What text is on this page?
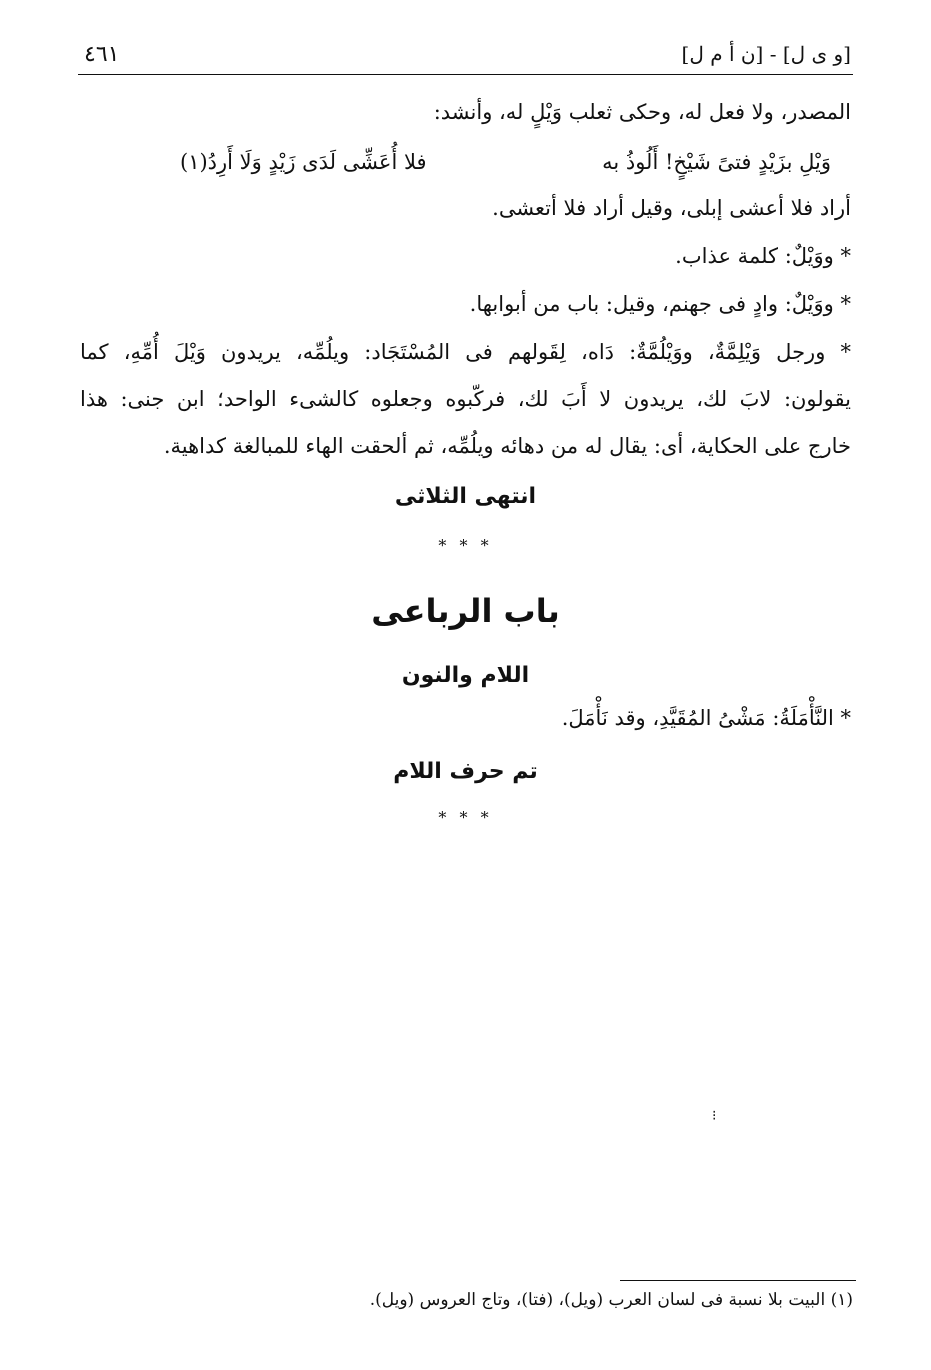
٤٦١	[و ى ل] - [ن أ م ل]
المصدر، ولا فعل له، وحكى ثعلب وَيْلٍ له، وأنشد:
وَيْلِ بزَيْدٍ فتىً شَيْخٍ! أَلُوذُ به
فلا أُعَشِّى لَدَى زَيْدٍ وَلَا أَرِدُ(١)
أراد فلا أعشى إبلى، وقيل أراد فلا أتعشى.
* ووَيْلٌ: كلمة عذاب.
* ووَيْلٌ: وادٍ فى جهنم، وقيل: باب من أبوابها.
* ورجل وَيْلِمَّةٌ، ووَيْلُمَّةٌ: دَاه، لِقَولهم فى المُسْتَجَاد: ويلُمِّه، يريدون وَيْلَ أُمِّهِ، كما
يقولون: لابَ لك، يريدون لا أَبَ لك، فركّبوه وجعلوه كالشىء الواحد؛ ابن جنى: هذا
خارج على الحكاية، أى: يقال له من دهائه ويلُمِّه، ثم ألحقت الهاء للمبالغة كداهية.
انتهى الثلاثى
* * *
باب الرباعى
اللام والنون
* النَّأْمَلَةُ: مَشْىُ المُقَيَّدِ، وقد نَأْمَلَ.
تم حرف اللام
* * *
⁝
(١) البيت بلا نسبة فى لسان العرب (ويل)، (فتا)، وتاج العروس (ويل).
